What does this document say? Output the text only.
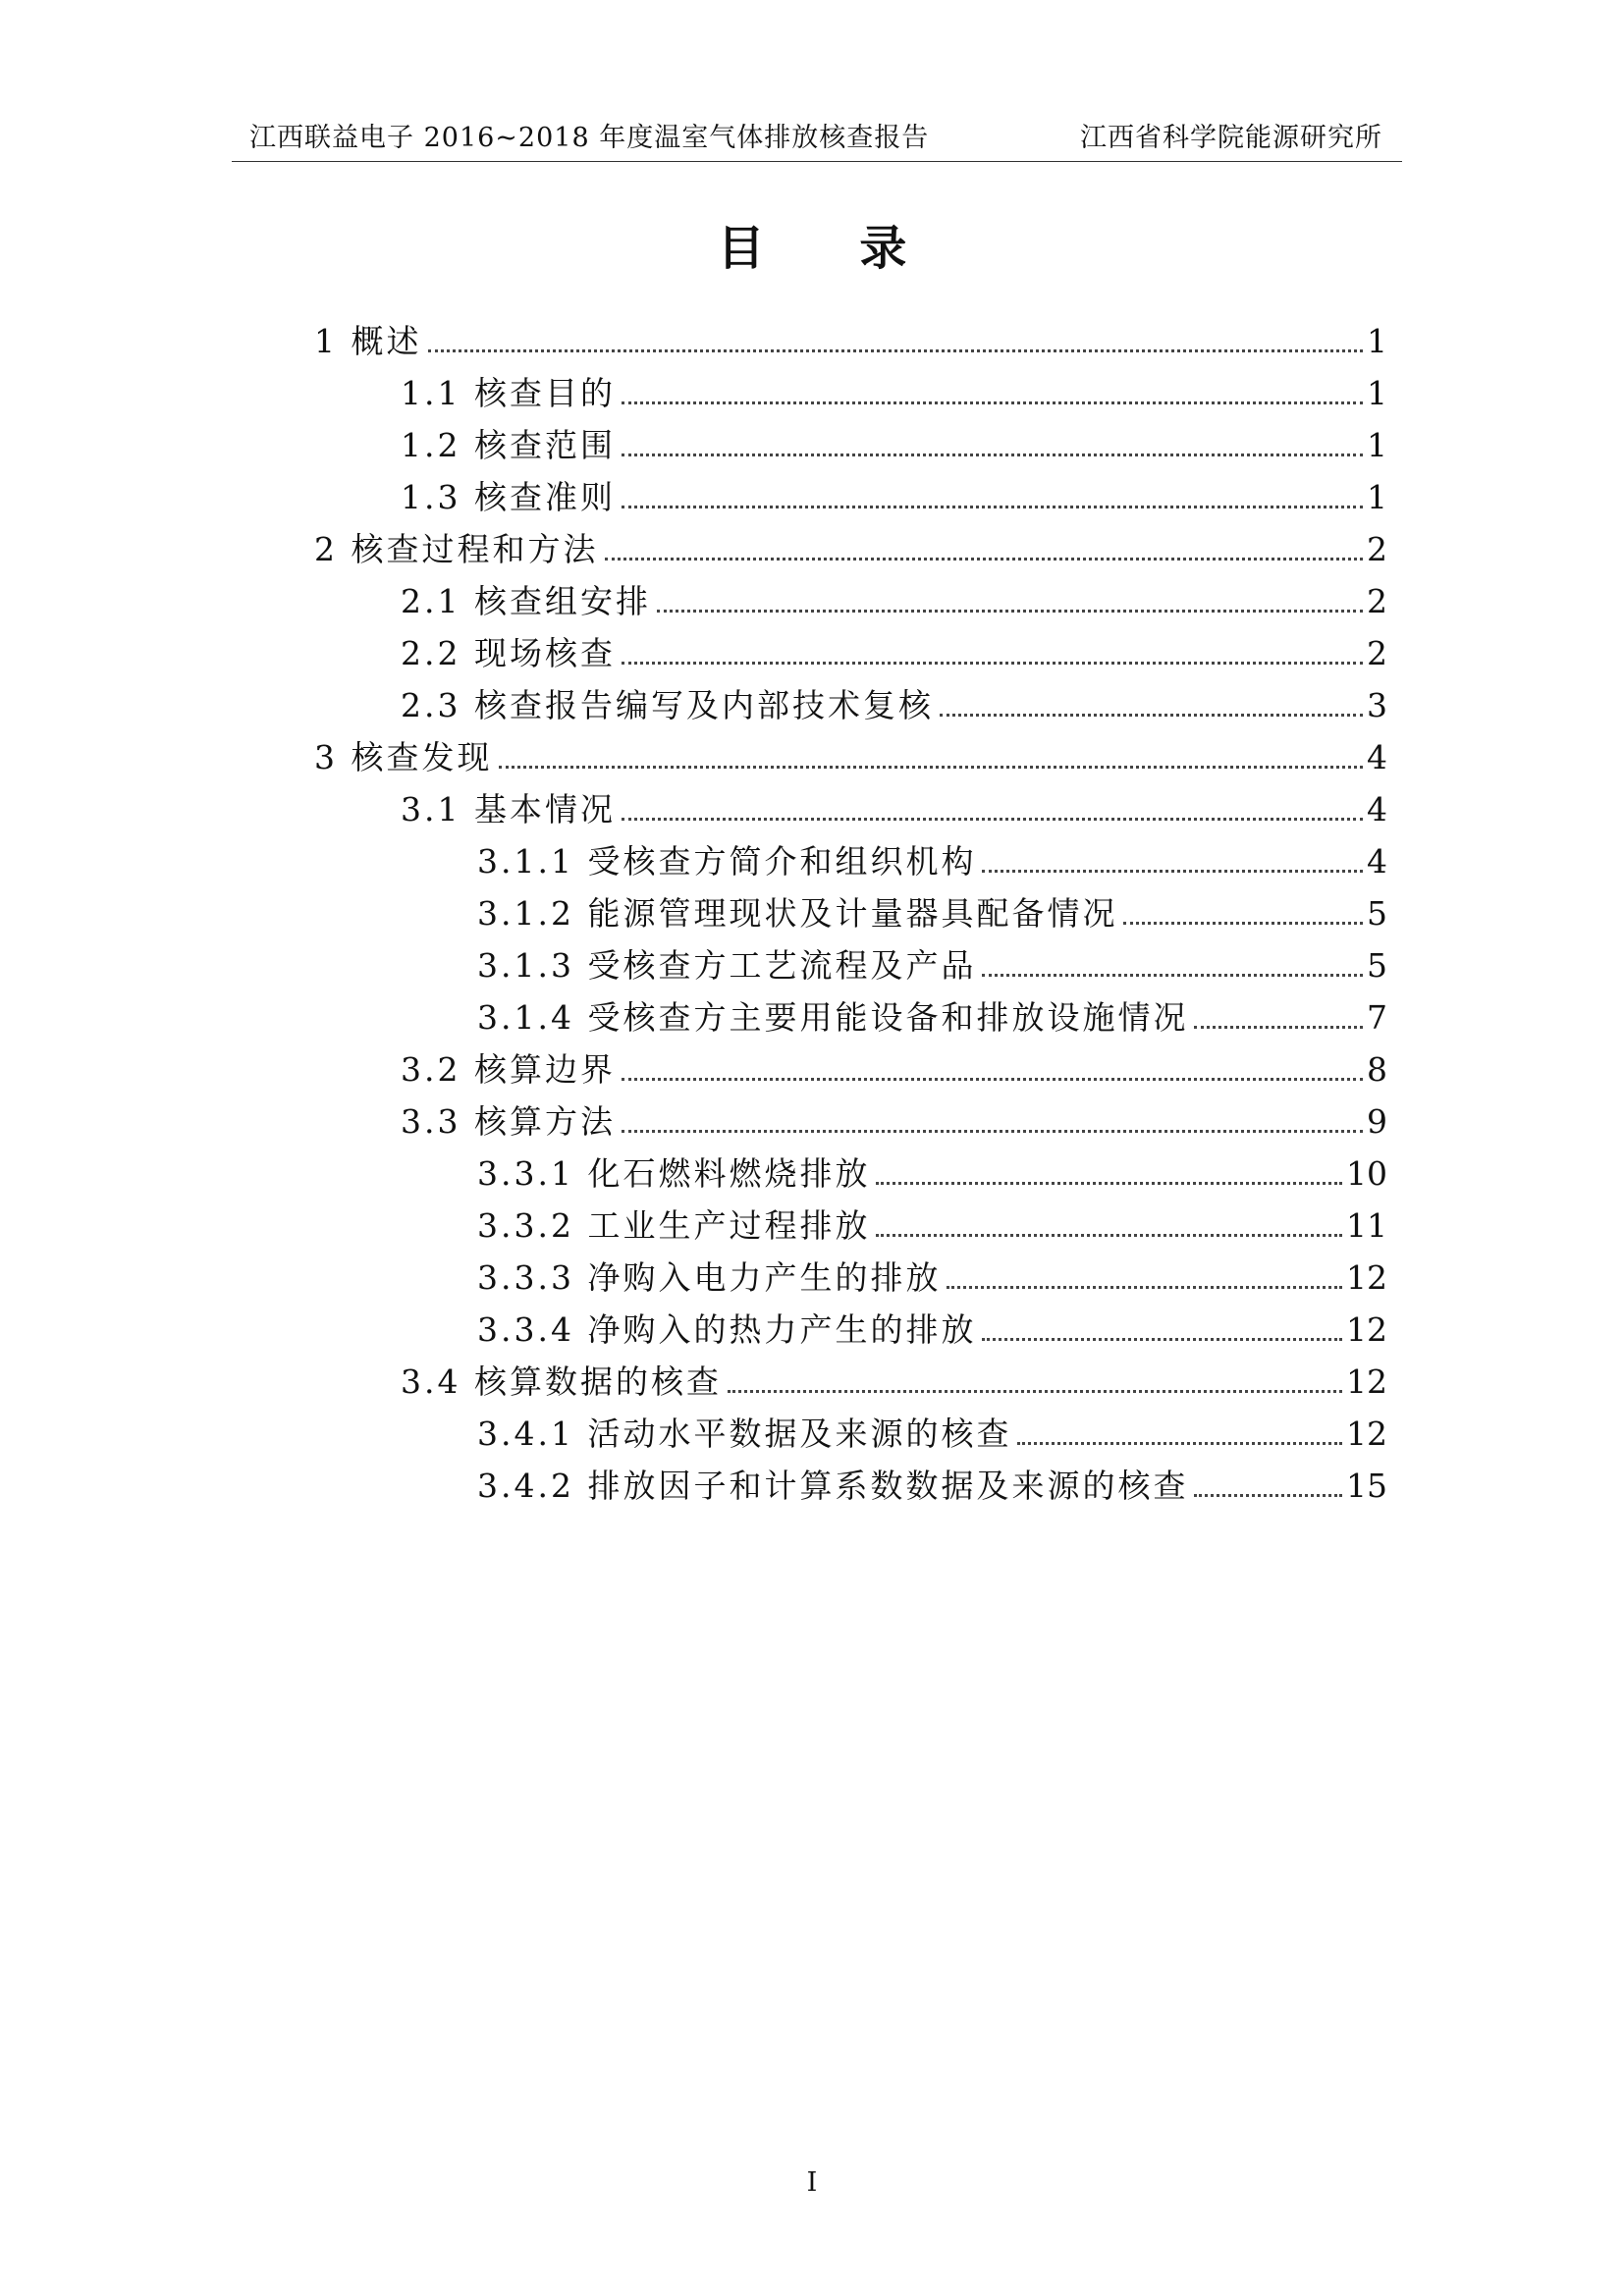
江西联益电子 2016~2018 年度温室气体排放核查报告	江西省科学院能源研究所
目 录
1 概述	1
1.1 核查目的	1
1.2 核查范围	1
1.3 核查准则	1
2 核查过程和方法	2
2.1 核查组安排	2
2.2 现场核查	2
2.3 核查报告编写及内部技术复核	3
3 核查发现	4
3.1 基本情况	4
3.1.1 受核查方简介和组织机构	4
3.1.2 能源管理现状及计量器具配备情况	5
3.1.3 受核查方工艺流程及产品	5
3.1.4 受核查方主要用能设备和排放设施情况	7
3.2 核算边界	8
3.3 核算方法	9
3.3.1 化石燃料燃烧排放	10
3.3.2 工业生产过程排放	11
3.3.3 净购入电力产生的排放	12
3.3.4 净购入的热力产生的排放	12
3.4 核算数据的核查	12
3.4.1 活动水平数据及来源的核查	12
3.4.2 排放因子和计算系数数据及来源的核查	15
I
